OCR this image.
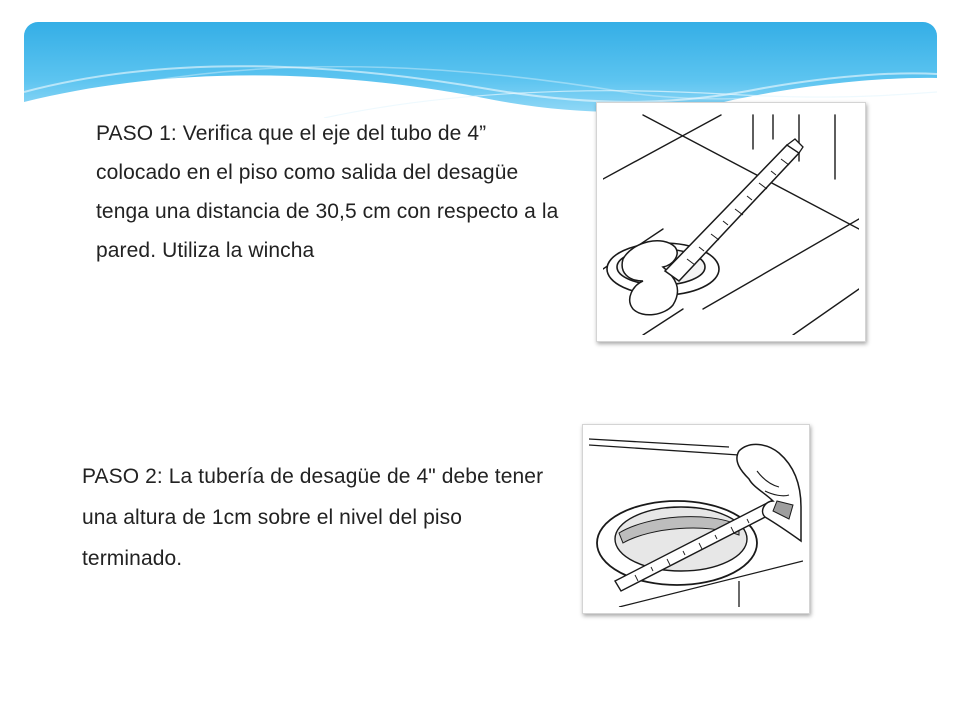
PASO 1: Verifica que el eje del tubo de 4” colocado en el piso como salida del desagüe tenga una distancia de 30,5 cm con respecto a la pared. Utiliza la wincha

PASO 2: La tubería de desagüe de 4" debe tener una altura de 1cm sobre el nivel del piso terminado.
